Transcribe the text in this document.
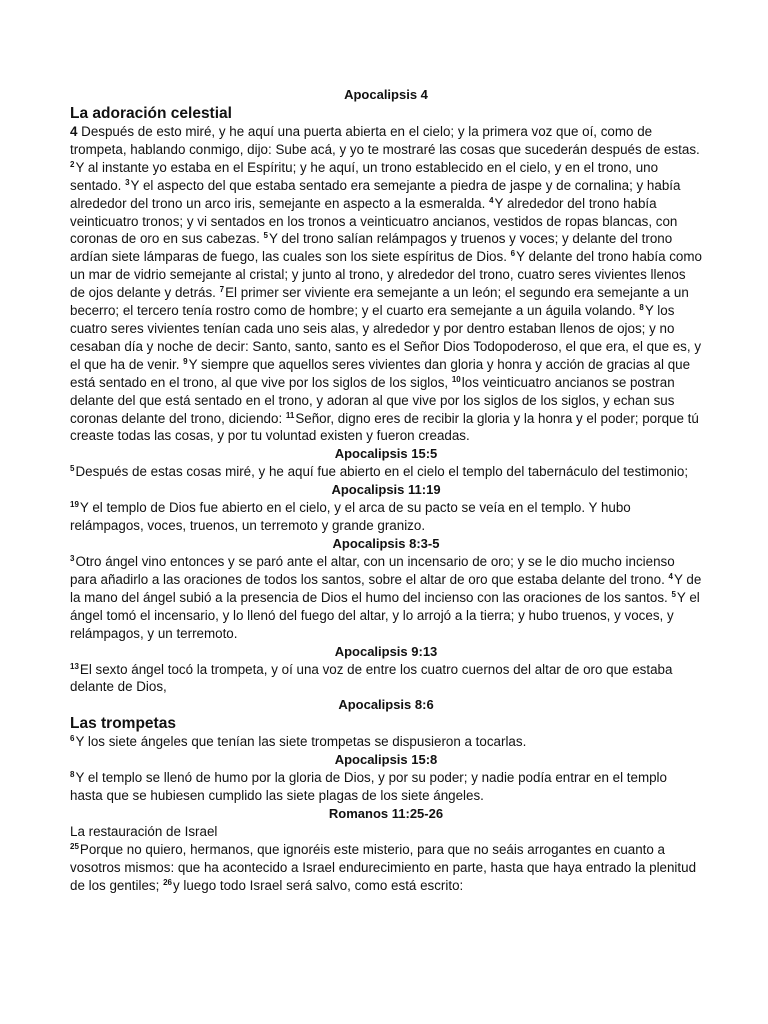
Apocalipsis 4

La adoración celestial

4 Después de esto miré, y he aquí una puerta abierta en el cielo; y la primera voz que oí, como de trompeta, hablando conmigo, dijo: Sube acá, y yo te mostraré las cosas que sucederán después de estas. $^2$Y al instante yo estaba en el Espíritu; y he aquí, un trono establecido en el cielo, y en el trono, uno sentado. $^3$Y el aspecto del que estaba sentado era semejante a piedra de jaspe y de cornalina; y había alrededor del trono un arco iris, semejante en aspecto a la esmeralda. $^4$Y alrededor del trono había veinticuatro tronos; y vi sentados en los tronos a veinticuatro ancianos, vestidos de ropas blancas, con coronas de oro en sus cabezas. $^5$Y del trono salían relámpagos y truenos y voces; y delante del trono ardían siete lámparas de fuego, las cuales son los siete espíritus de Dios. $^6$Y delante del trono había como un mar de vidrio semejante al cristal; y junto al trono, y alrededor del trono, cuatro seres vivientes llenos de ojos delante y detrás. $^7$El primer ser viviente era semejante a un león; el segundo era semejante a un becerro; el tercero tenía rostro como de hombre; y el cuarto era semejante a un águila volando. $^8$Y los cuatro seres vivientes tenían cada uno seis alas, y alrededor y por dentro estaban llenos de ojos; y no cesaban día y noche de decir: Santo, santo, santo es el Señor Dios Todopoderoso, el que era, el que es, y el que ha de venir. $^9$Y siempre que aquellos seres vivientes dan gloria y honra y acción de gracias al que está sentado en el trono, al que vive por los siglos de los siglos, $^{10}$los veinticuatro ancianos se postran delante del que está sentado en el trono, y adoran al que vive por los siglos de los siglos, y echan sus coronas delante del trono, diciendo: $^{11}$Señor, digno eres de recibir la gloria y la honra y el poder; porque tú creaste todas las cosas, y por tu voluntad existen y fueron creadas.

Apocalipsis 15:5

$^5$Después de estas cosas miré, y he aquí fue abierto en el cielo el templo del tabernáculo del testimonio;

Apocalipsis 11:19

$^{19}$Y el templo de Dios fue abierto en el cielo, y el arca de su pacto se veía en el templo. Y hubo relámpagos, voces, truenos, un terremoto y grande granizo.

Apocalipsis 8:3-5

$^3$Otro ángel vino entonces y se paró ante el altar, con un incensario de oro; y se le dio mucho incienso para añadirlo a las oraciones de todos los santos, sobre el altar de oro que estaba delante del trono. $^4$Y de la mano del ángel subió a la presencia de Dios el humo del incienso con las oraciones de los santos. $^5$Y el ángel tomó el incensario, y lo llenó del fuego del altar, y lo arrojó a la tierra; y hubo truenos, y voces, y relámpagos, y un terremoto.

Apocalipsis 9:13

$^{13}$El sexto ángel tocó la trompeta, y oí una voz de entre los cuatro cuernos del altar de oro que estaba delante de Dios,

Apocalipsis 8:6

Las trompetas

$^6$Y los siete ángeles que tenían las siete trompetas se dispusieron a tocarlas.

Apocalipsis 15:8

$^8$Y el templo se llenó de humo por la gloria de Dios, y por su poder; y nadie podía entrar en el templo hasta que se hubiesen cumplido las siete plagas de los siete ángeles.

Romanos 11:25-26

La restauración de Israel

$^{25}$Porque no quiero, hermanos, que ignoréis este misterio, para que no seáis arrogantes en cuanto a vosotros mismos: que ha acontecido a Israel endurecimiento en parte, hasta que haya entrado la plenitud de los gentiles; $^{26}$y luego todo Israel será salvo, como está escrito:
